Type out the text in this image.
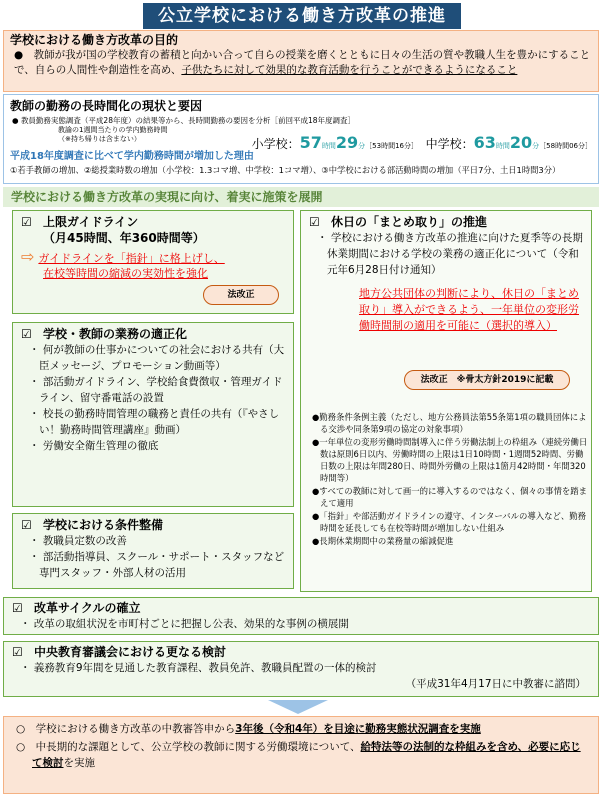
公立学校における働き方改革の推進
学校における働き方改革の目的

●　 教師が我が国の学校教育の蓄積と向かい合って自らの授業を磨くとともに日々の生活の質や教職人生を豊かにすることで、自らの人間性や創造性を高め、子供たちに対して効果的な教育活動を行うことができるようになること

教師の勤務の長時間化の現状と要因
● 教員勤務実態調査（平成28年度）の結果等から、長時間勤務の要因を分析［前回平成18年度調査］
教諭の1週間当たりの学内勤務時間
（※持ち帰りは含まない）	小学校：57時間29分［53時間16分］ 中学校：63時間20分［58時間06分］
平成18年度調査に比べて学内勤務時間が増加した理由
①若手教師の増加、②総授業時数の増加（小学校：1.3コマ増、中学校：1コマ増）、③中学校における部活動時間の増加（平日7分、土日1時間3分）
学校における働き方改革の実現に向け、着実に施策を展開
☑ 上限ガイドライン
（月45時間、年360時間等）
⇨ ガイドラインを「指針」に格上げし、
在校等時間の縮減の実効性を強化
法改正
☑ 学校・教師の業務の適正化
・ 何が教師の仕事かについての社会における共有（大臣メッセージ、プロモーション動画等）
・ 部活動ガイドライン、学校給食費徴収・管理ガイドライン、留守番電話の設置
・ 校長の勤務時間管理の職務と責任の共有（『やさしい！勤務時間管理講座』動画）
・ 労働安全衛生管理の徹底
☑ 学校における条件整備
・ 教職員定数の改善
・ 部活動指導員、スクール・サポート・スタッフなど専門スタッフ・外部人材の活用
☑ 休日の「まとめ取り」の推進

・ 学校における働き方改革の推進に向けた夏季等の長期休業期間における学校の業務の適正化について（令和元年6月28日付け通知）

地方公共団体の判断により、休日の「まとめ取り」導入ができるよう、一年単位の変形労働時間制の適用を可能に（選択的導入）

法改正　※骨太方針2019に記載

●勤務条件条例主義（ただし、地方公務員法第55条第1項の職員団体による交渉や同条第9項の協定の対象事項）

●一年単位の変形労働時間制導入に伴う労働法制上の枠組み（連続労働日数は原則6日以内、労働時間の上限は1日10時間・1週間52時間、労働日数の上限は年間280日、時間外労働の上限は1箇月42時間・年間320時間等）

●すべての教師に対して画一的に導入するのではなく、個々の事情を踏まえて適用

●「指針」や部活動ガイドラインの遵守、インターバルの導入など、勤務時間を延長しても在校等時間が増加しない仕組み

●長期休業期間中の業務量の縮減促進

☑ 改革サイクルの確立

・ 改革の取組状況を市町村ごとに把握し公表、効果的な事例の横展開

☑ 中央教育審議会における更なる検討

・ 義務教育9年間を見通した教育課程、教員免許、教職員配置の一体的検討

（平成31年4月17日に中教審に諮問）

○　 学校における働き方改革の中教審答申から3年後（令和4年）を目途に勤務実態状況調査を実施

○　 中長期的な課題として、公立学校の教師に関する労働環境について、給特法等の法制的な枠組みを含め、必要に応じて検討を実施
